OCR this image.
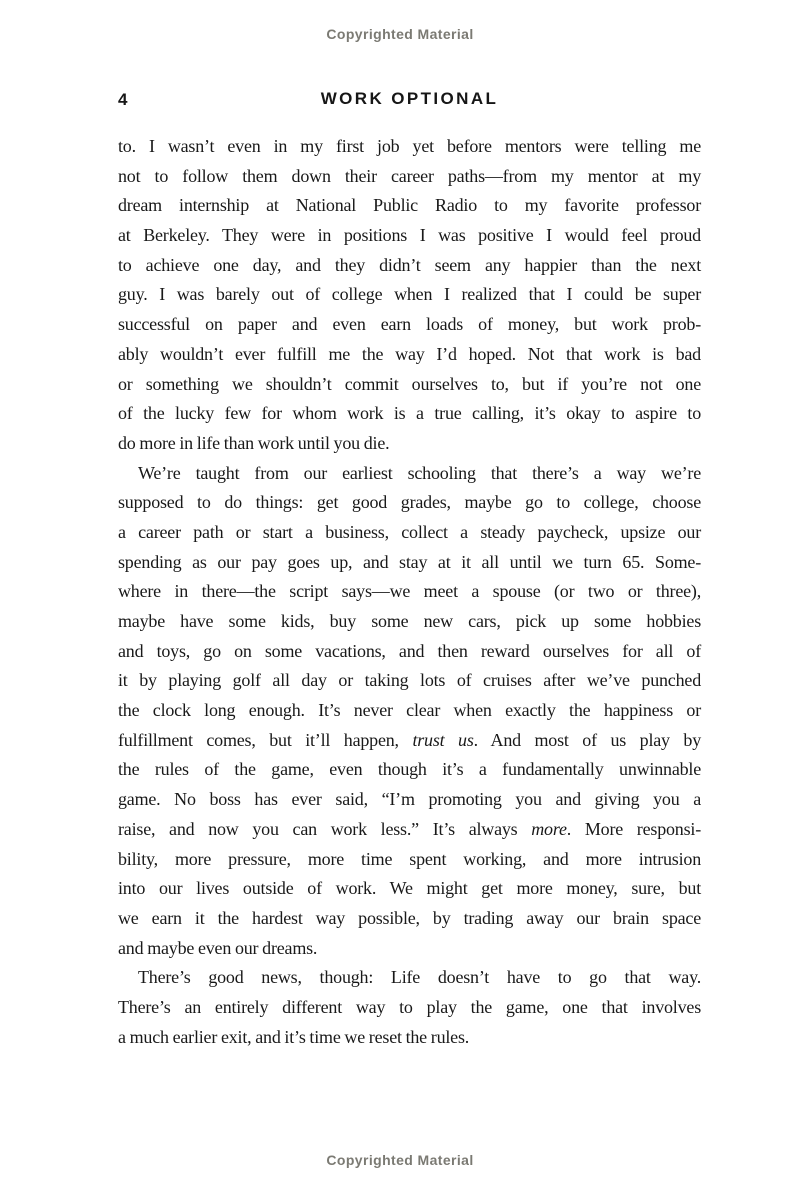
Copyrighted Material
4	WORK OPTIONAL
to. I wasn’t even in my first job yet before mentors were telling me
not to follow them down their career paths—from my mentor at my
dream internship at National Public Radio to my favorite professor
at Berkeley. They were in positions I was positive I would feel proud
to achieve one day, and they didn’t seem any happier than the next
guy. I was barely out of college when I realized that I could be super
successful on paper and even earn loads of money, but work prob-
ably wouldn’t ever fulfill me the way I’d hoped. Not that work is bad
or something we shouldn’t commit ourselves to, but if you’re not one
of the lucky few for whom work is a true calling, it’s okay to aspire to
do more in life than work until you die.
We’re taught from our earliest schooling that there’s a way we’re
supposed to do things: get good grades, maybe go to college, choose
a career path or start a business, collect a steady paycheck, upsize our
spending as our pay goes up, and stay at it all until we turn 65. Some-
where in there—the script says—we meet a spouse (or two or three),
maybe have some kids, buy some new cars, pick up some hobbies
and toys, go on some vacations, and then reward ourselves for all of
it by playing golf all day or taking lots of cruises after we’ve punched
the clock long enough. It’s never clear when exactly the happiness or
fulfillment comes, but it’ll happen, trust us. And most of us play by
the rules of the game, even though it’s a fundamentally unwinnable
game. No boss has ever said, “I’m promoting you and giving you a
raise, and now you can work less.” It’s always more. More responsi-
bility, more pressure, more time spent working, and more intrusion
into our lives outside of work. We might get more money, sure, but
we earn it the hardest way possible, by trading away our brain space
and maybe even our dreams.
There’s good news, though: Life doesn’t have to go that way.
There’s an entirely different way to play the game, one that involves
a much earlier exit, and it’s time we reset the rules.
Copyrighted Material
